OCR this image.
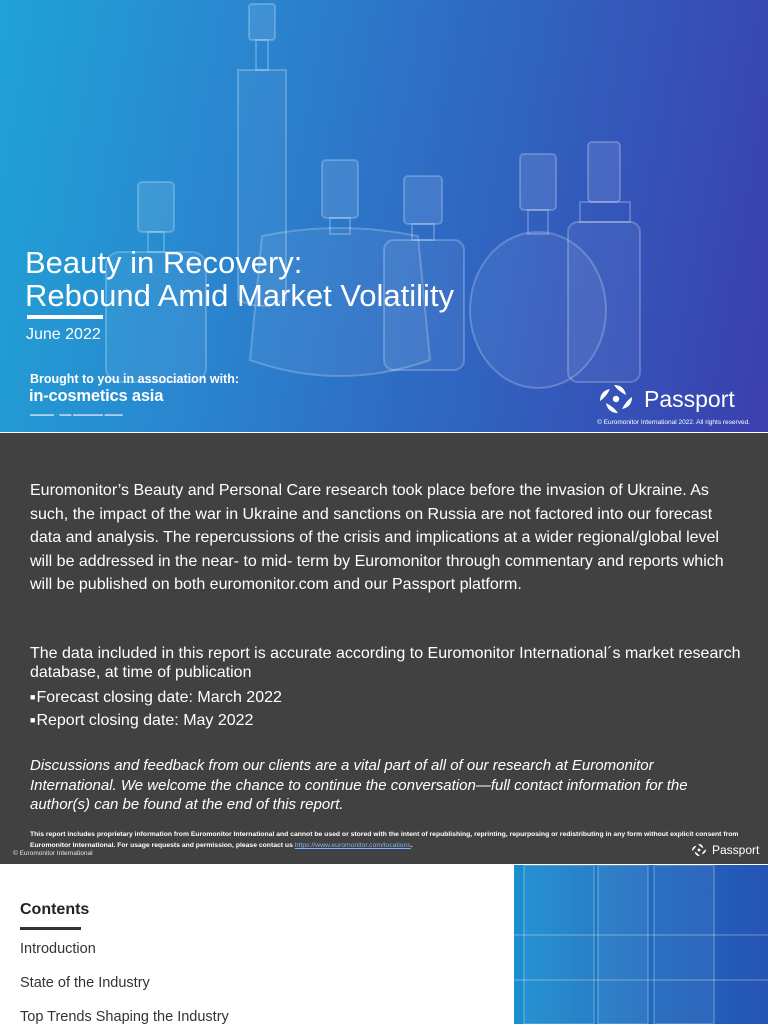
Beauty in Recovery:
Rebound Amid Market Volatility
June 2022
Brought to you in association with:
in-cosmetics asia
▬▬▬▬ · ▬▬ ▬▬▬▬▬ ▬▬▬
Passport
© Euromonitor International 2022. All rights reserved.

Euromonitor’s Beauty and Personal Care research took place before the invasion of Ukraine. As such, the impact of the war in Ukraine and sanctions on Russia are not factored into our forecast data and analysis. The repercussions of the crisis and implications at a wider regional/global level will be addressed in the near- to mid- term by Euromonitor through commentary and reports which will be published on both euromonitor.com and our Passport platform.

The data included in this report is accurate according to Euromonitor International´s market research database, at time of publication

■Forecast closing date: March 2022
■Report closing date: May 2022

Discussions and feedback from our clients are a vital part of all of our research at Euromonitor International. We welcome the chance to continue the conversation—full contact information for the author(s) can be found at the end of this report.

This report includes proprietary information from Euromonitor International and cannot be used or stored with the intent of republishing, reprinting, repurposing or redistributing in any form without explicit consent from Euromonitor International. For usage requests and permission, please contact us https://www.euromonitor.com/locations.

© Euromonitor International	Passport
Contents
Introduction
State of the Industry
Top Trends Shaping the Industry
